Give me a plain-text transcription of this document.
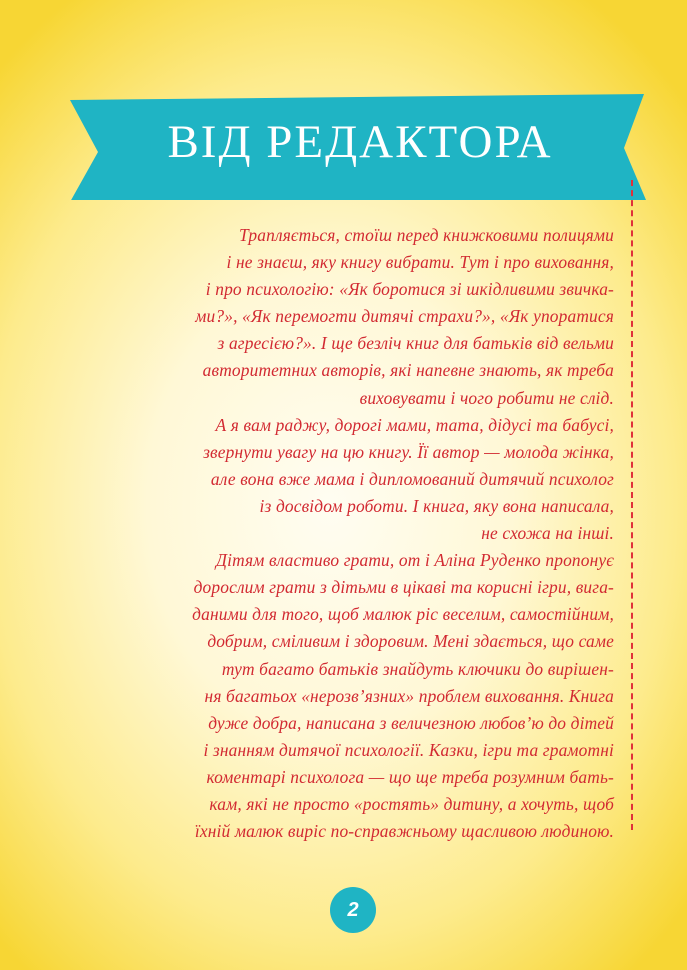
ВІД РЕДАКТОРА
Трапляється, стоїш перед книжковими полицями
і не знаєш, яку книгу вибрати. Тут і про виховання,
і про психологію: «Як боротися зі шкідливими звичка-
ми?», «Як перемогти дитячі страхи?», «Як упоратися
з агресією?». І ще безліч книг для батьків від вельми
авторитетних авторів, які напевне знають, як треба
виховувати і чого робити не слід.
А я вам раджу, дорогі мами, тата, дідусі та бабусі,
звернути увагу на цю книгу. Її автор — молода жінка,
але вона вже мама і дипломований дитячий психолог
із досвідом роботи. І книга, яку вона написала,
не схожа на інші.
Дітям властиво грати, от і Аліна Руденко пропонує
дорослим грати з дітьми в цікаві та корисні ігри, вига-
даними для того, щоб малюк ріс веселим, самостійним,
добрим, сміливим і здоровим. Мені здається, що саме
тут багато батьків знайдуть ключики до вирішен-
ня багатьох «нерозв’язних» проблем виховання. Книга
дуже добра, написана з величезною любов’ю до дітей
і знанням дитячої психології. Казки, ігри та грамотні
коментарі психолога — що ще треба розумним бать-
кам, які не просто «ростять» дитину, а хочуть, щоб
їхній малюк виріс по-справжньому щасливою людиною.
2
